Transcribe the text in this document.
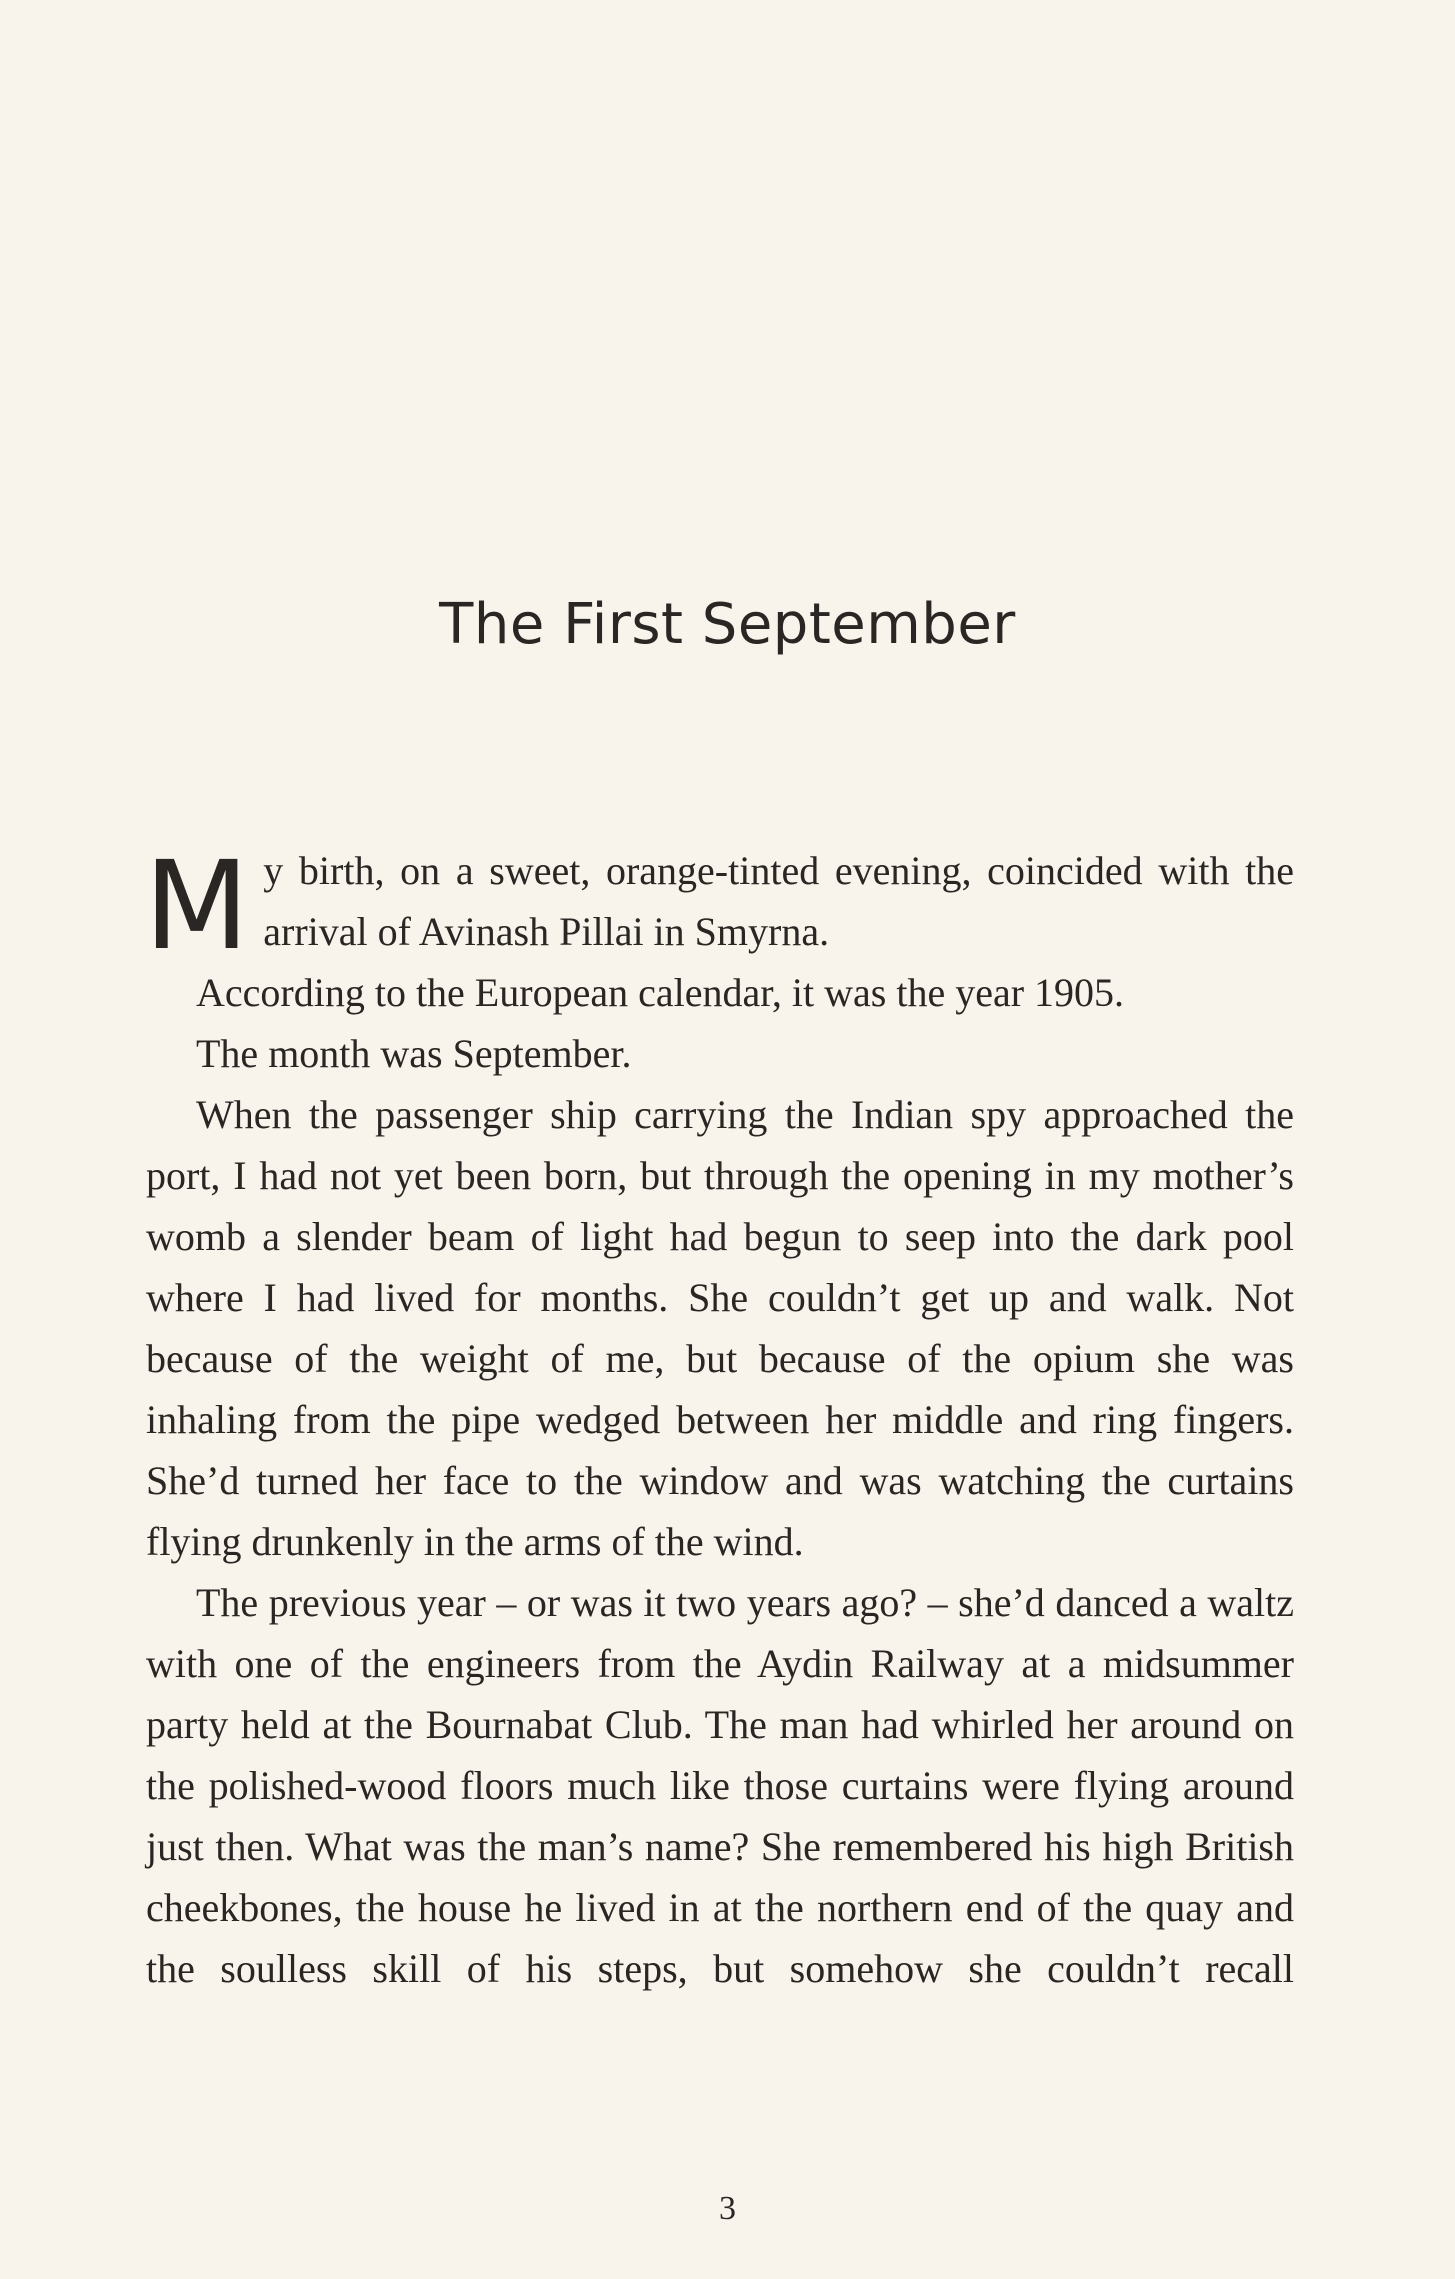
The First September

My birth, on a sweet, orange-tinted evening, coincided with the arrival of Avinash Pillai in Smyrna.

According to the European calendar, it was the year 1905.

The month was September.

When the passenger ship carrying the Indian spy approached the port, I had not yet been born, but through the opening in my mother’s womb a slender beam of light had begun to seep into the dark pool where I had lived for months. She couldn’t get up and walk. Not because of the weight of me, but because of the opium she was inhaling from the pipe wedged between her middle and ring fingers. She’d turned her face to the window and was watching the curtains flying drunkenly in the arms of the wind.

The previous year – or was it two years ago? – she’d danced a waltz with one of the engineers from the Aydin Railway at a midsummer party held at the Bournabat Club. The man had whirled her around on the polished-wood floors much like those curtains were flying around just then. What was the man’s name? She remembered his high British cheekbones, the house he lived in at the northern end of the quay and the soulless skill of his steps, but somehow she couldn’t recall

3
